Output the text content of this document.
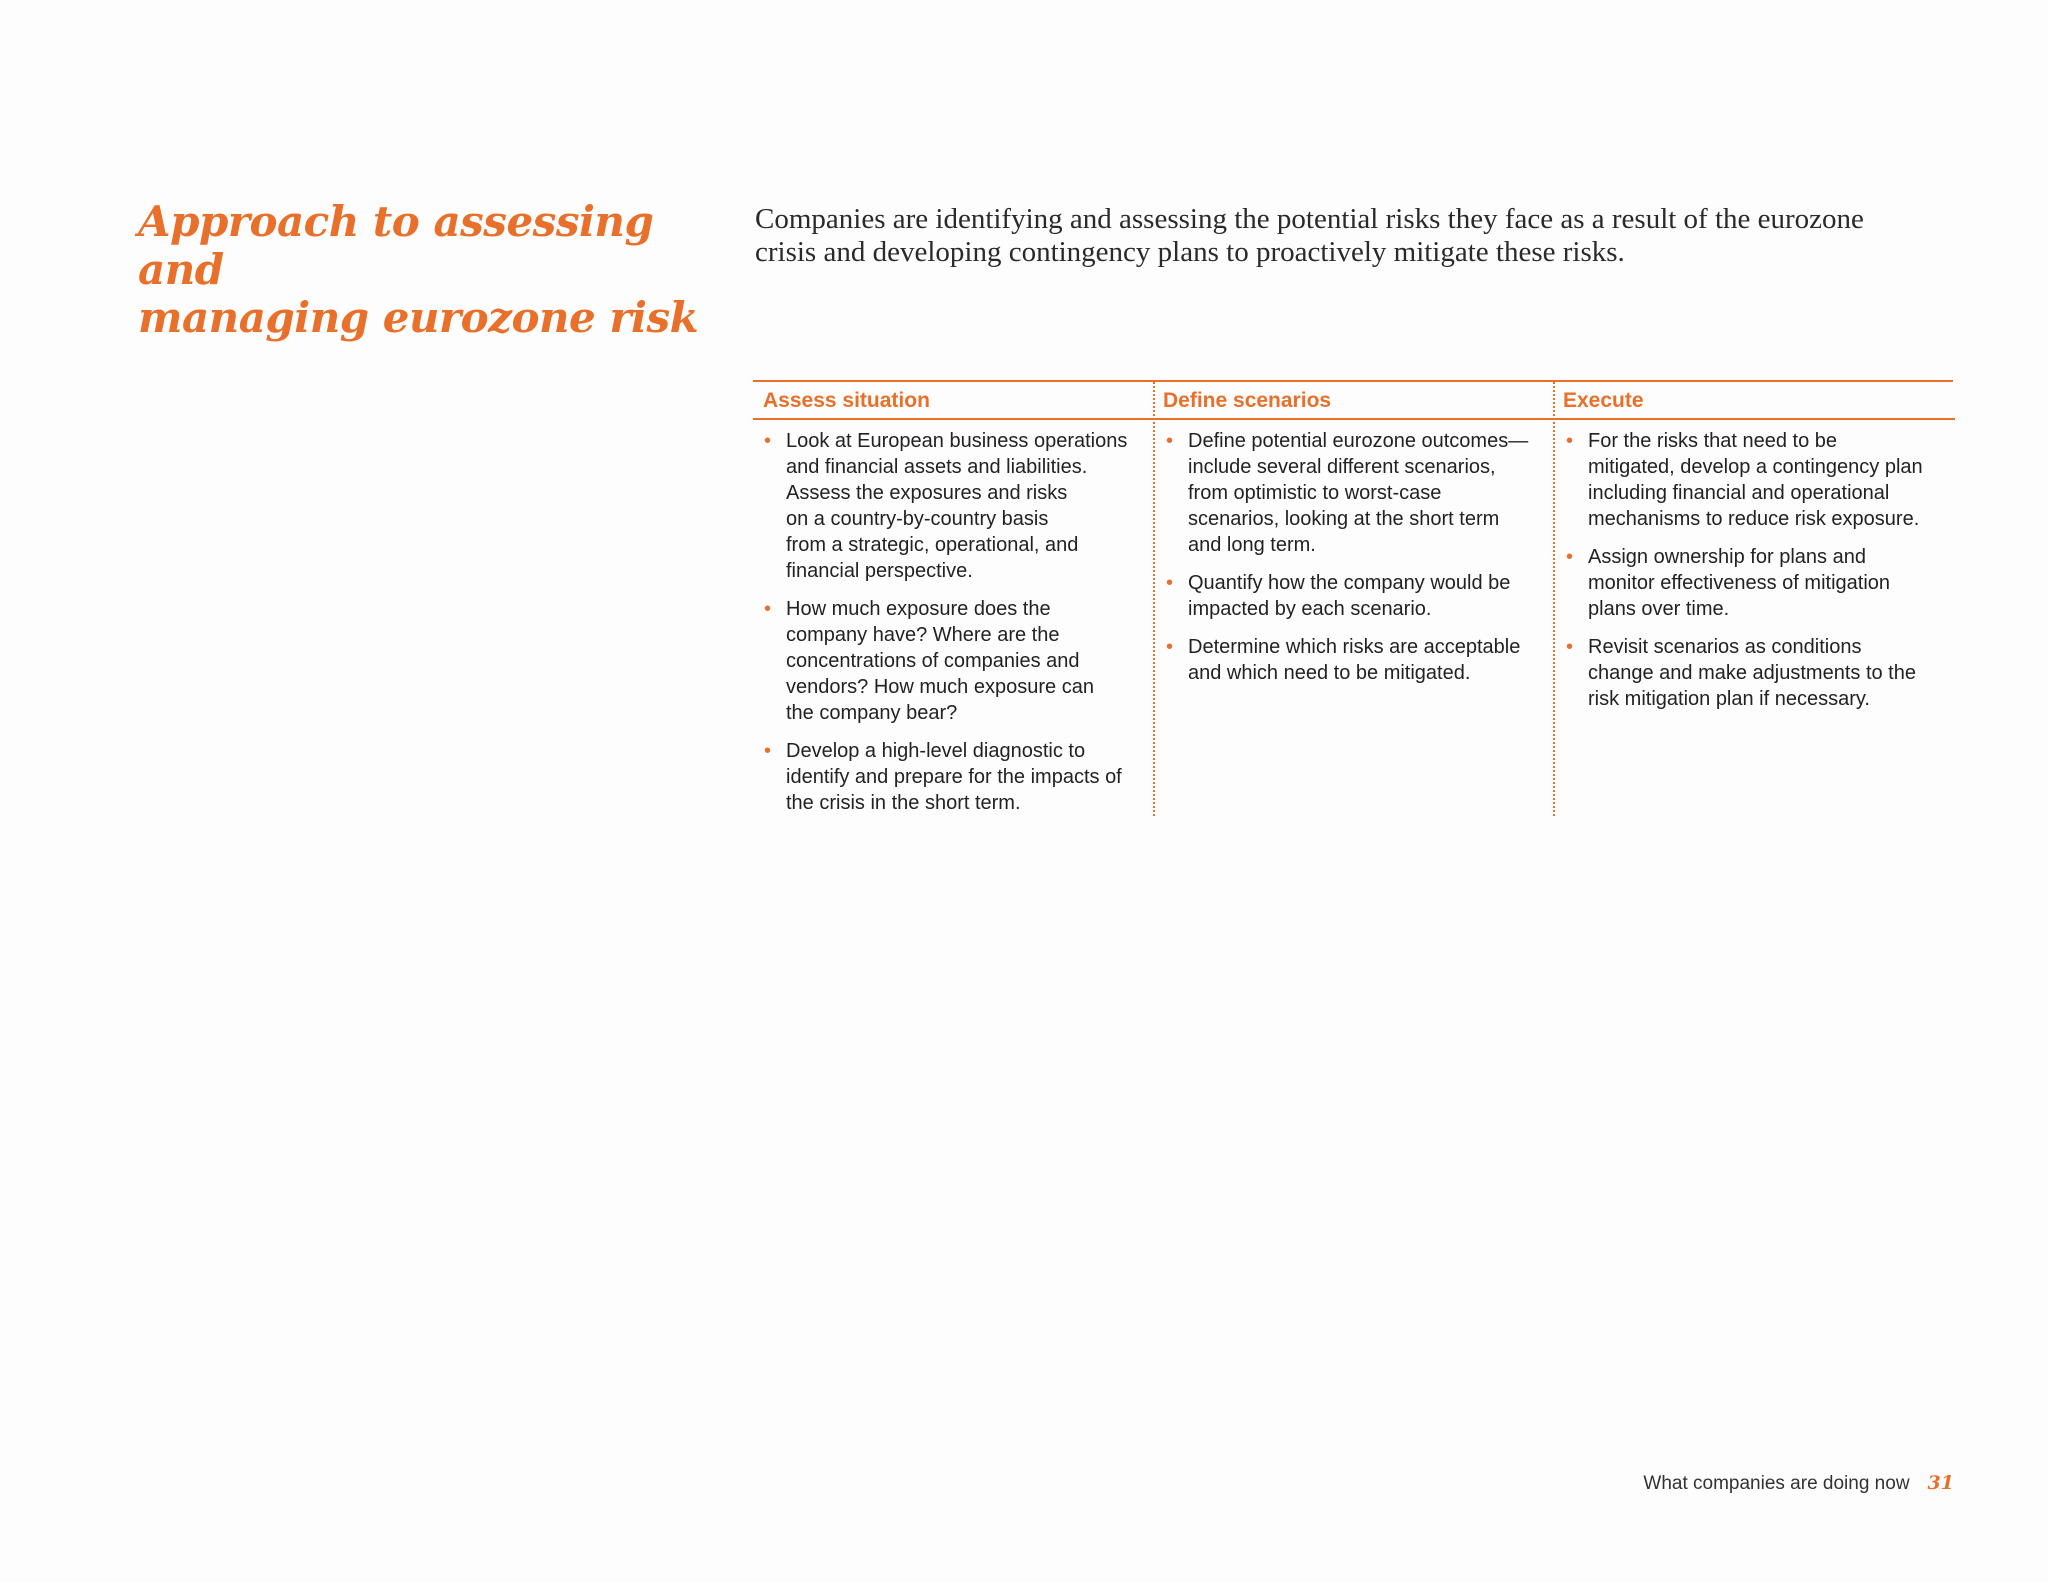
Approach to assessing and
managing eurozone risk

Companies are identifying and assessing the potential risks they face as a result of the eurozone
crisis and developing contingency plans to proactively mitigate these risks.

Assess situation
• Look at European business operations
and financial assets and liabilities.
Assess the exposures and risks
on a country-by-country basis
from a strategic, operational, and
financial perspective.
• How much exposure does the
company have? Where are the
concentrations of companies and
vendors? How much exposure can
the company bear?
• Develop a high-level diagnostic to
identify and prepare for the impacts of
the crisis in the short term.
Define scenarios
• Define potential eurozone outcomes—
include several different scenarios,
from optimistic to worst-case
scenarios, looking at the short term
and long term.
• Quantify how the company would be
impacted by each scenario.
• Determine which risks are acceptable
and which need to be mitigated.
Execute
• For the risks that need to be
mitigated, develop a contingency plan
including financial and operational
mechanisms to reduce risk exposure.
• Assign ownership for plans and
monitor effectiveness of mitigation
plans over time.
• Revisit scenarios as conditions
change and make adjustments to the
risk mitigation plan if necessary.
What companies are doing now 31
